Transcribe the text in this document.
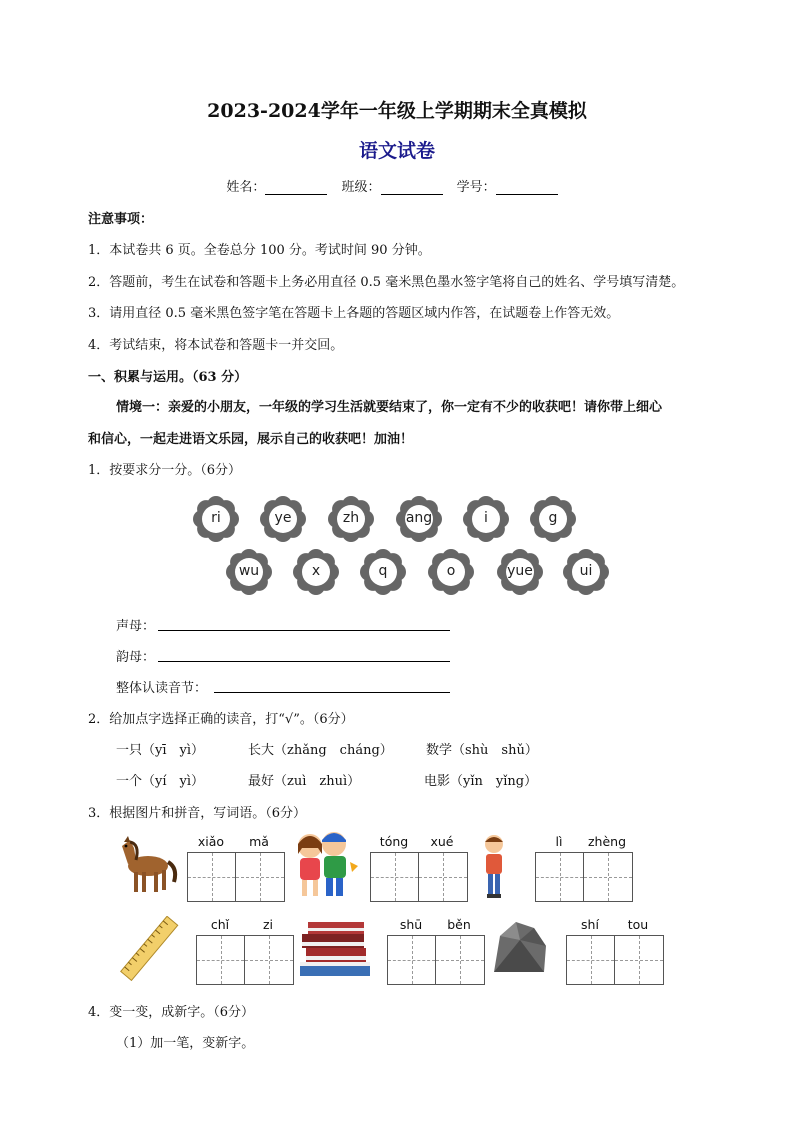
2023-2024学年一年级上学期期末全真模拟
语文试卷
姓名：	班级：	学号：
注意事项：
1．本试卷共 6 页。全卷总分 100 分。考试时间 90 分钟。
2．答题前，考生在试卷和答题卡上务必用直径 0.5 毫米黑色墨水签字笔将自己的姓名、学号填写清楚。
3．请用直径 0.5 毫米黑色签字笔在答题卡上各题的答题区域内作答，在试题卷上作答无效。
4．考试结束，将本试卷和答题卡一并交回。
一、积累与运用。（63 分）
情境一：亲爱的小朋友，一年级的学习生活就要结束了，你一定有不少的收获吧！请你带上细心
和信心，一起走进语文乐园，展示自己的收获吧！加油！
1．按要求分一分。（6分）
ri	ye	zh	ang	i	g
wu	x	q	o	yue	ui
声母：
韵母：
整体认读音节：
2．给加点字选择正确的读音，打“√”。（6分）
一只（yī　yì）	长大（zhǎng　cháng）	数学（shù　shǔ）
一个（yí　yì）	最好（zuì　zhuì）	电影（yǐn　yǐng）
3．根据图片和拼音，写词语。（6分）
xiǎo	mǎ	tóng	xué	lì	zhèng
chǐ	zi	shū	běn	shí	tou
4．变一变，成新字。（6分）
（1）加一笔，变新字。
